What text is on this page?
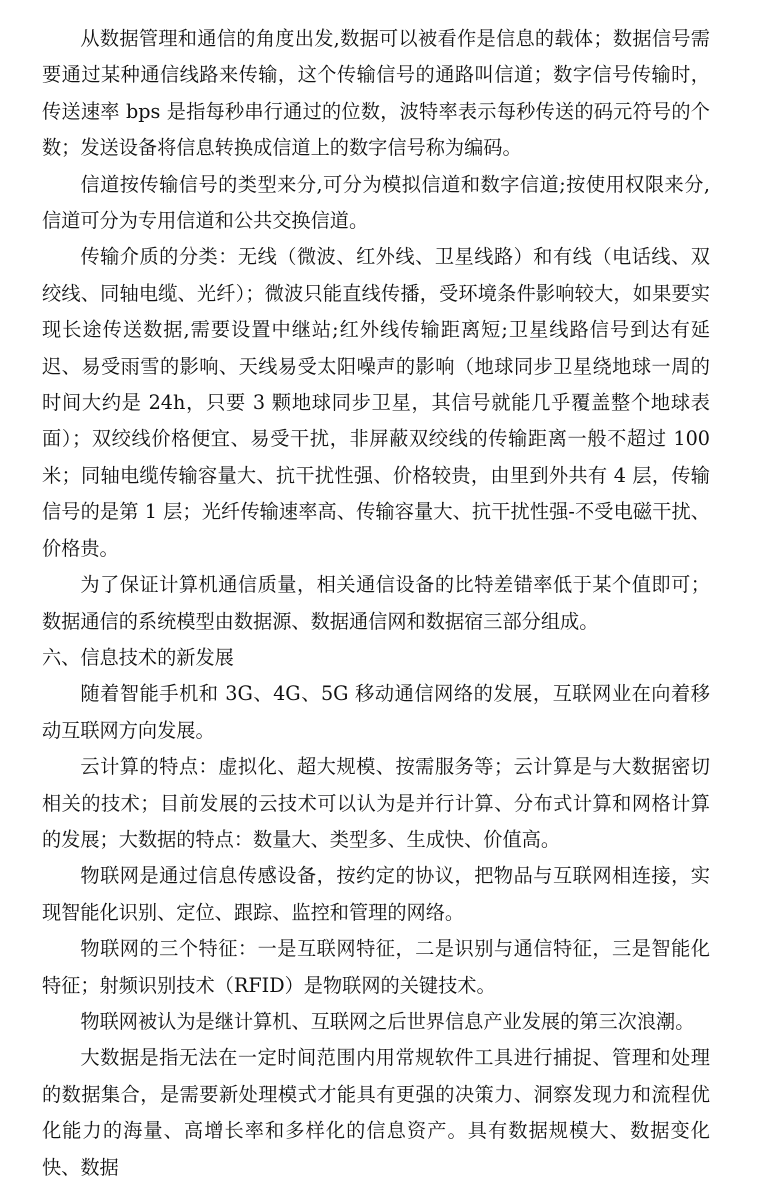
从数据管理和通信的角度出发,数据可以被看作是信息的载体；数据信号需要通过某种通信线路来传输，这个传输信号的通路叫信道；数字信号传输时，传送速率 bps 是指每秒串行通过的位数，波特率表示每秒传送的码元符号的个数；发送设备将信息转换成信道上的数字信号称为编码。

信道按传输信号的类型来分,可分为模拟信道和数字信道;按使用权限来分,信道可分为专用信道和公共交换信道。

传输介质的分类：无线（微波、红外线、卫星线路）和有线（电话线、双绞线、同轴电缆、光纤）；微波只能直线传播，受环境条件影响较大，如果要实现长途传送数据,需要设置中继站;红外线传输距离短;卫星线路信号到达有延迟、易受雨雪的影响、天线易受太阳噪声的影响（地球同步卫星绕地球一周的时间大约是 24h，只要 3 颗地球同步卫星，其信号就能几乎覆盖整个地球表面）；双绞线价格便宜、易受干扰，非屏蔽双绞线的传输距离一般不超过 100 米；同轴电缆传输容量大、抗干扰性强、价格较贵，由里到外共有 4 层，传输信号的是第 1 层；光纤传输速率高、传输容量大、抗干扰性强-不受电磁干扰、价格贵。

为了保证计算机通信质量，相关通信设备的比特差错率低于某个值即可；数据通信的系统模型由数据源、数据通信网和数据宿三部分组成。

六、信息技术的新发展

随着智能手机和 3G、4G、5G 移动通信网络的发展，互联网业在向着移动互联网方向发展。

云计算的特点：虚拟化、超大规模、按需服务等；云计算是与大数据密切相关的技术；目前发展的云技术可以认为是并行计算、分布式计算和网格计算的发展；大数据的特点：数量大、类型多、生成快、价值高。

物联网是通过信息传感设备，按约定的协议，把物品与互联网相连接，实现智能化识别、定位、跟踪、监控和管理的网络。

物联网的三个特征：一是互联网特征，二是识别与通信特征，三是智能化特征；射频识别技术（RFID）是物联网的关键技术。

物联网被认为是继计算机、互联网之后世界信息产业发展的第三次浪潮。

大数据是指无法在一定时间范围内用常规软件工具进行捕捉、管理和处理的数据集合，是需要新处理模式才能具有更强的决策力、洞察发现力和流程优化能力的海量、高增长率和多样化的信息资产。具有数据规模大、数据变化快、数据
